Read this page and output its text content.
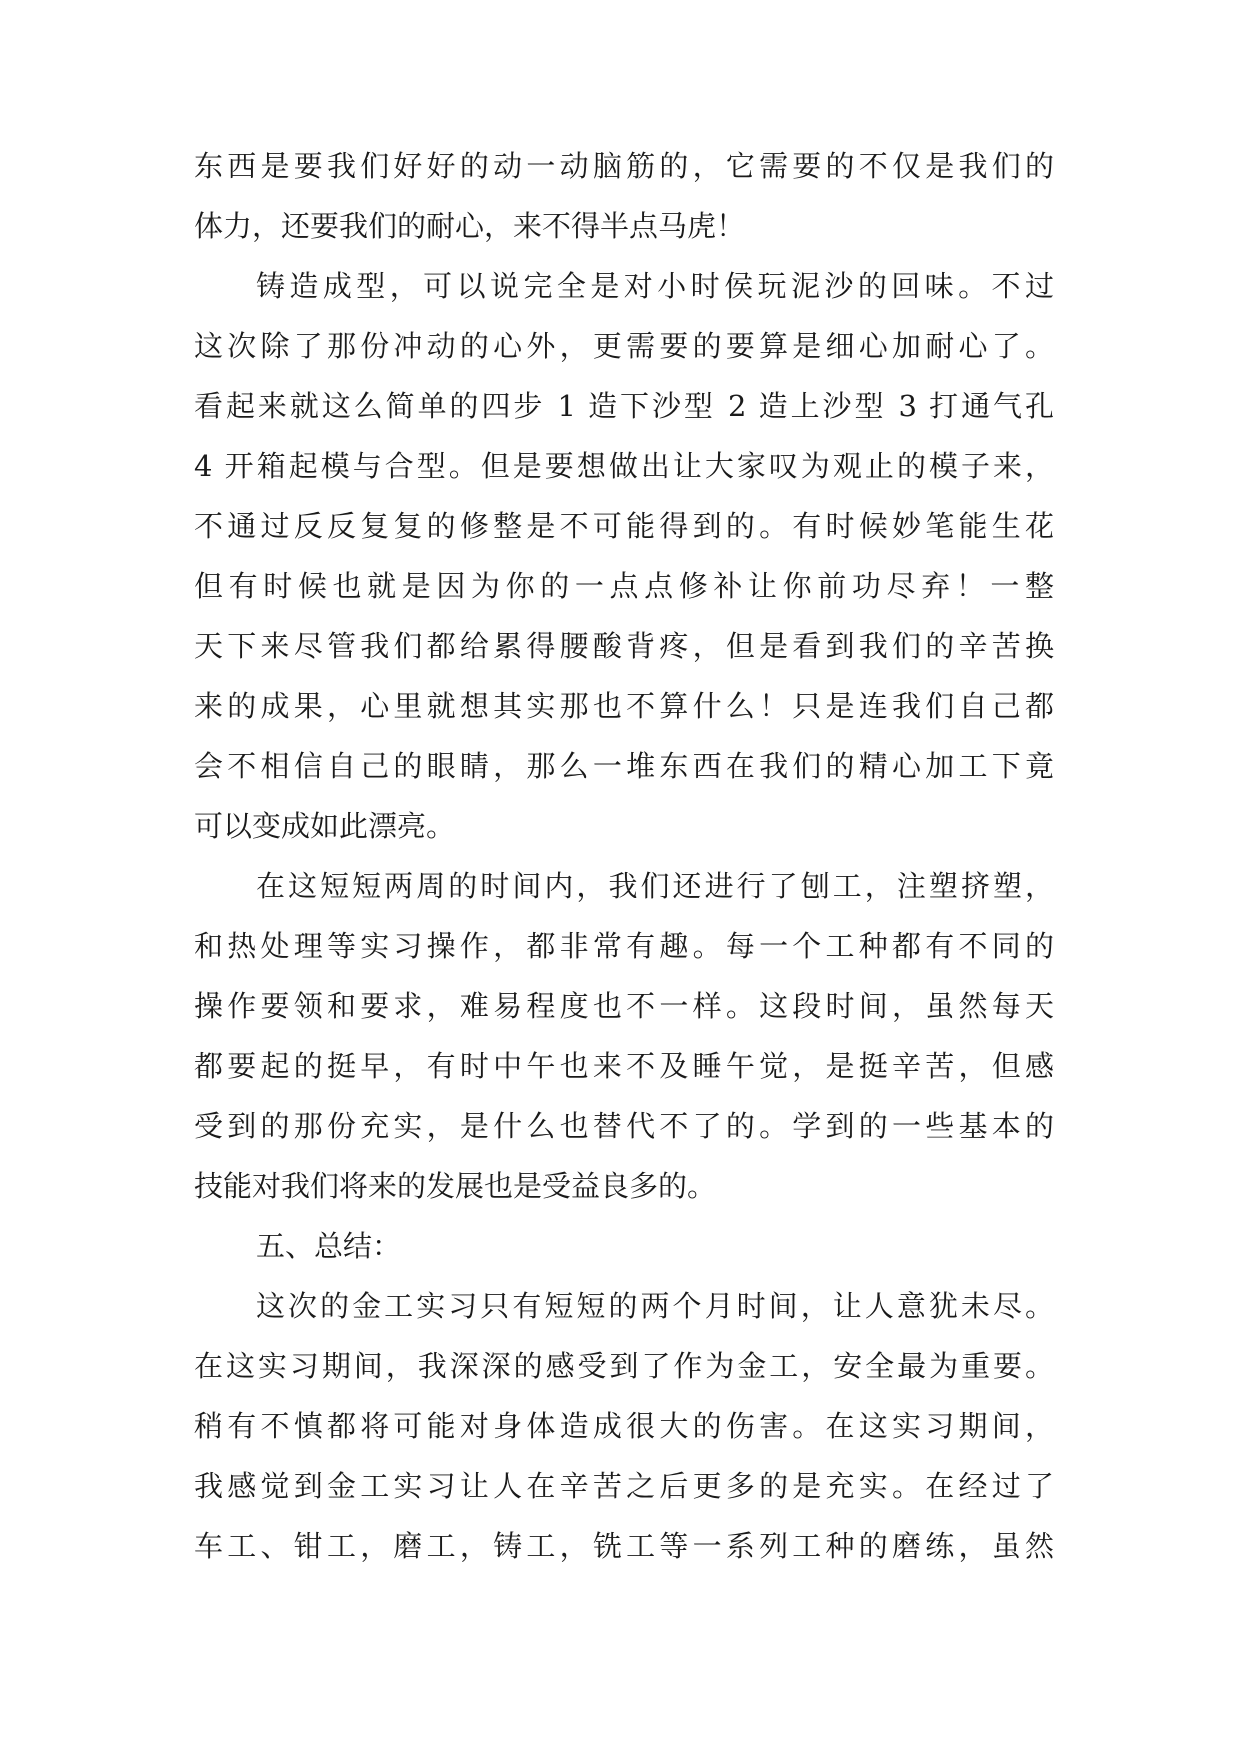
东西是要我们好好的动一动脑筋的，它需要的不仅是我们的
体力，还要我们的耐心，来不得半点马虎！
铸造成型，可以说完全是对小时侯玩泥沙的回味。不过
这次除了那份冲动的心外，更需要的要算是细心加耐心了。
看起来就这么简单的四步 1 造下沙型 2 造上沙型 3 打通气孔
4 开箱起模与合型。但是要想做出让大家叹为观止的模子来，
不通过反反复复的修整是不可能得到的。有时候妙笔能生花
但有时候也就是因为你的一点点修补让你前功尽弃！一整
天下来尽管我们都给累得腰酸背疼，但是看到我们的辛苦换
来的成果，心里就想其实那也不算什么！只是连我们自己都
会不相信自己的眼睛，那么一堆东西在我们的精心加工下竟
可以变成如此漂亮。
在这短短两周的时间内，我们还进行了刨工，注塑挤塑，
和热处理等实习操作，都非常有趣。每一个工种都有不同的
操作要领和要求，难易程度也不一样。这段时间，虽然每天
都要起的挺早，有时中午也来不及睡午觉，是挺辛苦，但感
受到的那份充实，是什么也替代不了的。学到的一些基本的
技能对我们将来的发展也是受益良多的。
五、总结：
这次的金工实习只有短短的两个月时间，让人意犹未尽。
在这实习期间，我深深的感受到了作为金工，安全最为重要。
稍有不慎都将可能对身体造成很大的伤害。在这实习期间，
我感觉到金工实习让人在辛苦之后更多的是充实。在经过了
车工、钳工，磨工，铸工，铣工等一系列工种的磨练，虽然
